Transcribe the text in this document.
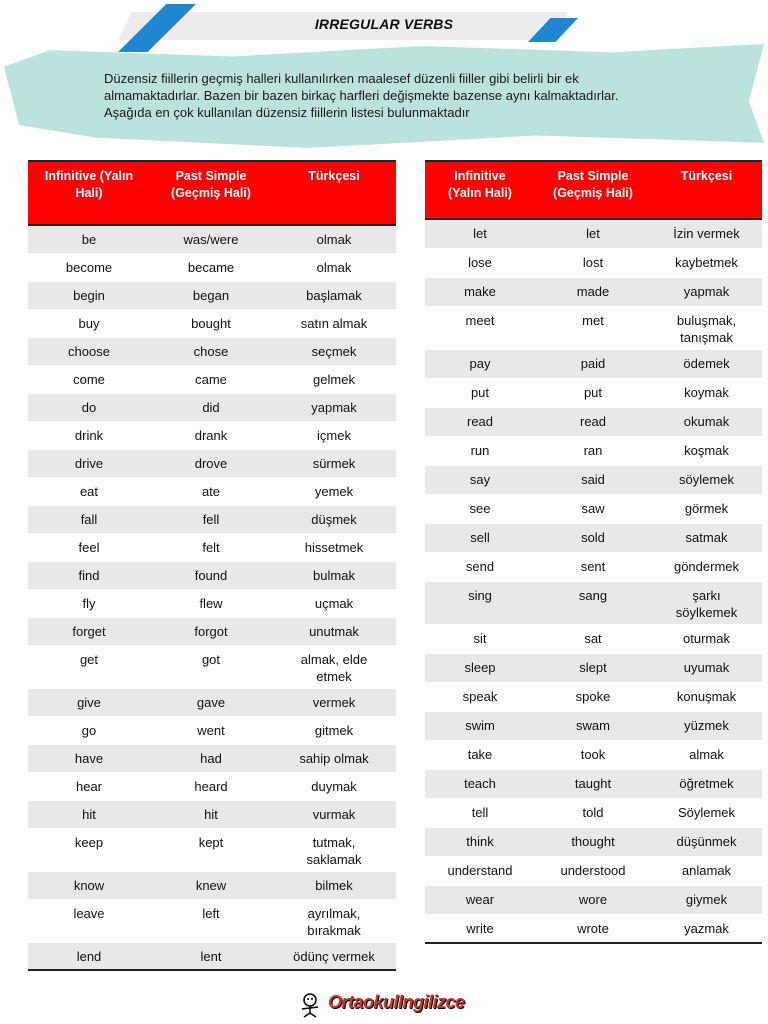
IRREGULAR VERBS

Düzensiz fiillerin geçmiş halleri kullanılırken maalesef düzenli fiiller gibi belirli bir ek

almamaktadırlar. Bazen bir bazen birkaç harfleri değişmekte bazense aynı kalmaktadırlar.

Aşağıda en çok kullanılan düzensiz fiillerin listesi bulunmaktadır

Infinitive (Yalın Hali)	Past Simple (Geçmiş Hali)	Türkçesi
be	was/were	olmak
become	became	olmak
begin	began	başlamak
buy	bought	satın almak
choose	chose	seçmek
come	came	gelmek
do	did	yapmak
drink	drank	içmek
drive	drove	sürmek
eat	ate	yemek
fall	fell	düşmek
feel	felt	hissetmek
find	found	bulmak
fly	flew	uçmak
forget	forgot	unutmak
get	got	almak, elde etmek
give	gave	vermek
go	went	gitmek
have	had	sahip olmak
hear	heard	duymak
hit	hit	vurmak
keep	kept	tutmak, saklamak
know	knew	bilmek
leave	left	ayrılmak, bırakmak
lend	lent	ödünç vermek
Infinitive (Yalın Hali)	Past Simple (Geçmiş Hali)	Türkçesi
let	let	İzin vermek
lose	lost	kaybetmek
make	made	yapmak
meet	met	buluşmak, tanışmak
pay	paid	ödemek
put	put	koymak
read	read	okumak
run	ran	koşmak
say	said	söylemek
see	saw	görmek
sell	sold	satmak
send	sent	göndermek
sing	sang	şarkı söylkemek
sit	sat	oturmak
sleep	slept	uyumak
speak	spoke	konuşmak
swim	swam	yüzmek
take	took	almak
teach	taught	öğretmek
tell	told	Söylemek
think	thought	düşünmek
understand	understood	anlamak
wear	wore	giymek
write	wrote	yazmak
OrtaokulIngilizce
